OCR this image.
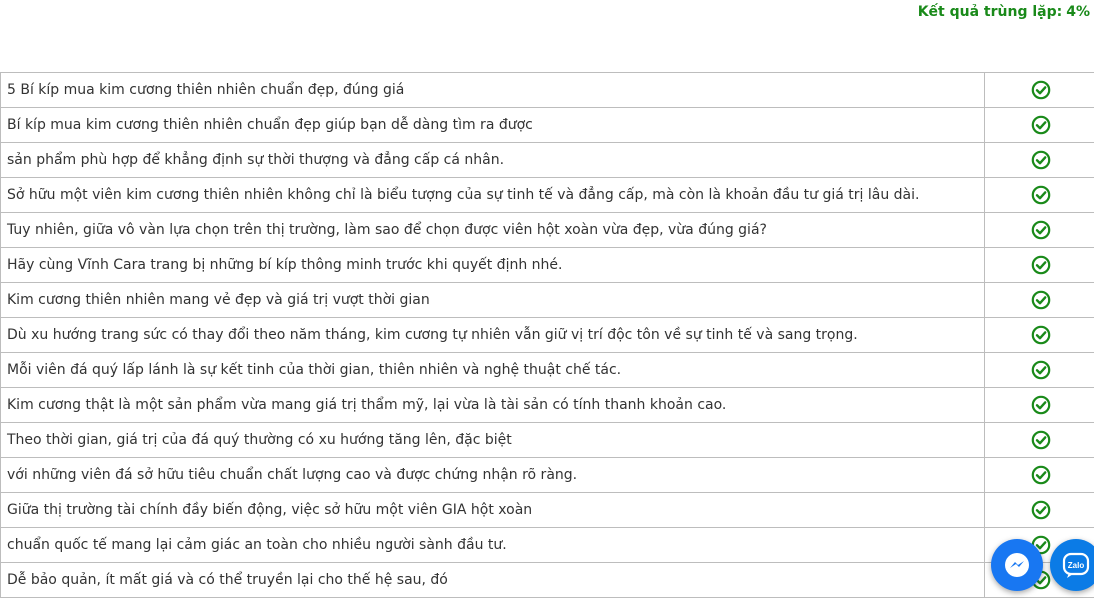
Kết quả trùng lặp: 4%
5 Bí kíp mua kim cương thiên nhiên chuẩn đẹp, đúng giá	
Bí kíp mua kim cương thiên nhiên chuẩn đẹp giúp bạn dễ dàng tìm ra được	
sản phẩm phù hợp để khẳng định sự thời thượng và đẳng cấp cá nhân.	
Sở hữu một viên kim cương thiên nhiên không chỉ là biểu tượng của sự tinh tế và đẳng cấp, mà còn là khoản đầu tư giá trị lâu dài.	
Tuy nhiên, giữa vô vàn lựa chọn trên thị trường, làm sao để chọn được viên hột xoàn vừa đẹp, vừa đúng giá?	
Hãy cùng Vĩnh Cara trang bị những bí kíp thông minh trước khi quyết định nhé.	
Kim cương thiên nhiên mang vẻ đẹp và giá trị vượt thời gian	
Dù xu hướng trang sức có thay đổi theo năm tháng, kim cương tự nhiên vẫn giữ vị trí độc tôn về sự tinh tế và sang trọng.	
Mỗi viên đá quý lấp lánh là sự kết tinh của thời gian, thiên nhiên và nghệ thuật chế tác.	
Kim cương thật là một sản phẩm vừa mang giá trị thẩm mỹ, lại vừa là tài sản có tính thanh khoản cao.	
Theo thời gian, giá trị của đá quý thường có xu hướng tăng lên, đặc biệt	
với những viên đá sở hữu tiêu chuẩn chất lượng cao và được chứng nhận rõ ràng.	
Giữa thị trường tài chính đầy biến động, việc sở hữu một viên GIA hột xoàn	
chuẩn quốc tế mang lại cảm giác an toàn cho nhiều người sành đầu tư.	
Dễ bảo quản, ít mất giá và có thể truyền lại cho thế hệ sau, đó	
Zalo
